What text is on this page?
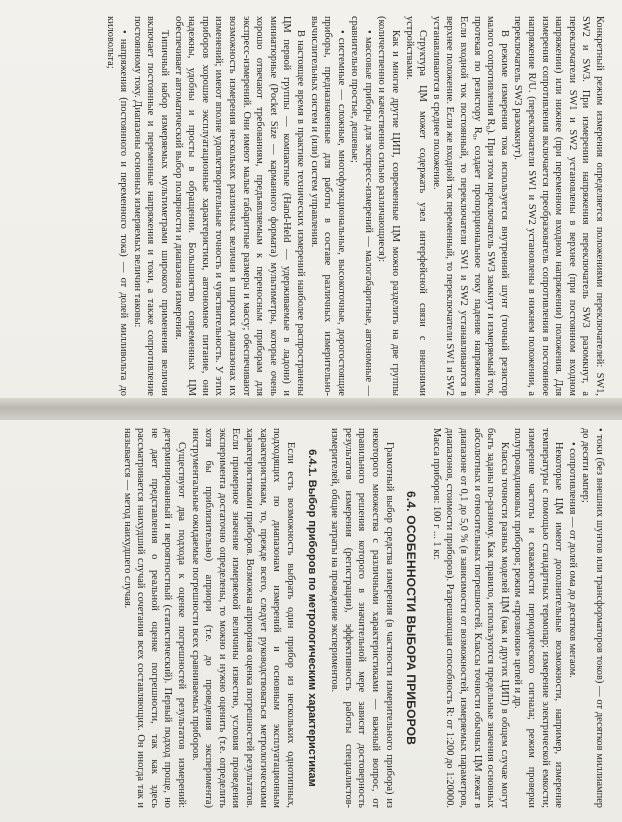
Конкретный режим измерения определяется положениями переключателей: SW1, SW2 и SW3. При измерении напряжения переключатель SW3 разомкнут, а переключатели SW1 и SW2 установлены в верхнее (при постоянном входном напряжении) или нижнее (при переменном входном напряжении) положения. Для измерения сопротивления включается преобразователь сопротивления в постоянное напряжение R/U. (переключатели SW1 и SW2 установлены в нижнем положении, а переключатель SW3 разомкнут).

В режиме измерения тока используется внутренний шунт (точный резистор малого сопротивления R₀). При этом переключатель SW3 замкнут и измеряемый ток, протекая по резистору R₀, создает пропорциональное току падение напряжения. Если входной ток постоянный, то переключатели SW1 и SW2 устанавливаются в верхнее положение. Если же входной ток переменный, то переключатели SW1 и SW2 устанавливаются в среднее положение.

Структура ЦМ может содержать узел интерфейсной связи с внешними устройствами.

Как и многие другие ЦИП, современные ЦМ можно разделить на две группы (количественно и качественно сильно различающиеся):

• массовые приборы для экспресс-измерений — малогабаритные, автономные — сравнительно простые, дешевые;

• системные — сложные, многофункциональные, высокоточные, дорогостоящие приборы, предназначенные для работы в составе различных измерительно-вычислительных систем и (или) систем управления.

В настоящее время в практике технических измерений наиболее распространены ЦМ первой группы — компактные (Hand-Held — удерживаемые в ладони) и миниатюрные (Pocket Size — карманного формата) мультиметры, которые очень хорошо отвечают требованиям, предъявляемым к переносным приборам для экспресс-измерений. Они имеют малые габаритные размеры и массу; обеспечивают возможность измерения нескольких различных величин в широких диапазонах их изменений; имеют вполне удовлетворительные точность и чувствительность. У этих приборов хорошие эксплуатационные характеристики, автономное питание, они надежны, удобны и просты в обращении. Большинство современных ЦМ обеспечивает автоматический выбор полярности и диапазона измерения.

Типичный набор измеряемых мультиметрами широкого применения величин включает постоянные и переменные напряжения и токи, а также сопротивление постоянному току. Диапазоны основных измеряемых величин таковы:

• напряжения (постоянного и переменного тока) — от долей милливольта до киловольта;

• токи (без внешних шунтов или трансформаторов токов) — от десятков миллиампер до десяти ампер;

• сопротивления — от долей ома до десятков мегаом.

Некоторые ЦМ имеют дополнительные возможности, например, измерение температуры с помощью стандартных термопар; измерение электрической емкости; измерение частоты и скважности периодического сигнала; режим проверки полупроводниковых приборов; режим «прозвонки» цепей и др.

Классы точности разных моделей ЦМ (как и других ЦИП) в общем случае могут быть заданы по-разному. Как правило, используются предельные значения основных абсолютных и относительных погрешностей. Классы точности обычных ЦМ лежат в диапазоне от 0,1 до 5,0 % (в зависимости от возможностей, измеряемых параметров, диапазонов, стоимости приборов). Разрешающая способность R: от 1:200 до 1:20000. Масса приборов: 100 г ... 1 кг.

6.4. ОСОБЕННОСТИ ВЫБОРА ПРИБОРОВ

Грамотный выбор средства измерения (в частности измерительного прибора) из некоторого множества с различными характеристиками — важный вопрос, от правильного решения которого в значительной мере зависят достоверность результатов измерения (регистрации), эффективность работы специалистов-измерителей, общие затраты на проведение экспериментов.

6.4.1. Выбор приборов по метрологическим характеристикам

Если есть возможность выбрать один прибор из нескольких однотипных, подходящих по диапазонам измерений и основным эксплуатационным характеристикам, то, прежде всего, следует руководствоваться метрологическими характеристиками приборов. Возможна априорная оценка погрешностей результатов. Если примерное значение измеряемой величины известно, условия проведения эксперимента достаточно определены, то можно и нужно оценить (т.е. определить хотя бы приблизительно) априори (т.е. до проведения эксперимента) инструментальные ожидаемые погрешности всех сравниваемых приборов.

Существуют два подхода к оценке погрешностей результатов измерений: детерминированный и вероятностный (статистический). Первый подход проще, но не дает представления о реальной оценке погрешности, так как здесь рассматривается наихудший случай сочетания всех составляющих. Он иногда так и называется — метод наихудшего случая.
